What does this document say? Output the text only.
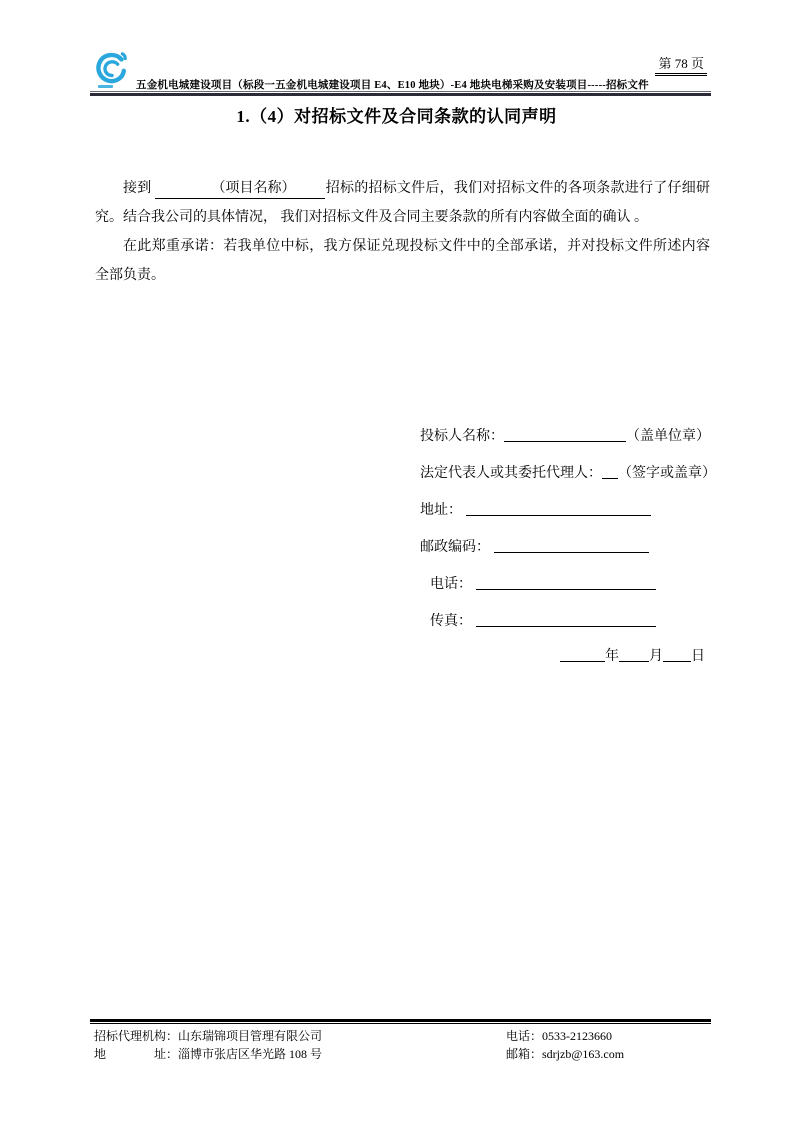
第 78 页
五金机电城建设项目（标段一五金机电城建设项目 E4、E10 地块）-E4 地块电梯采购及安装项目-----招标文件
1.（4）对招标文件及合同条款的认同声明

接到	（项目名称） 招标的招标文件后，我们对招标文件的各项条款进行了仔细研究。结合我公司的具体情况， 我们对招标文件及合同主要条款的所有内容做全面的确认 。

在此郑重承诺：若我单位中标，我方保证兑现投标文件中的全部承诺，并对投标文件所述内容全部负责。

投标人名称：	（盖单位章）
法定代表人或其委托代理人： （签字或盖章）
地址：
邮政编码：
电话：
传真：
年 月 日
招标代理机构：山东瑞锦项目管理有限公司
地　　　　址：淄博市张店区华光路 108 号
电话：0533-2123660
邮箱：sdrjzb@163.com
